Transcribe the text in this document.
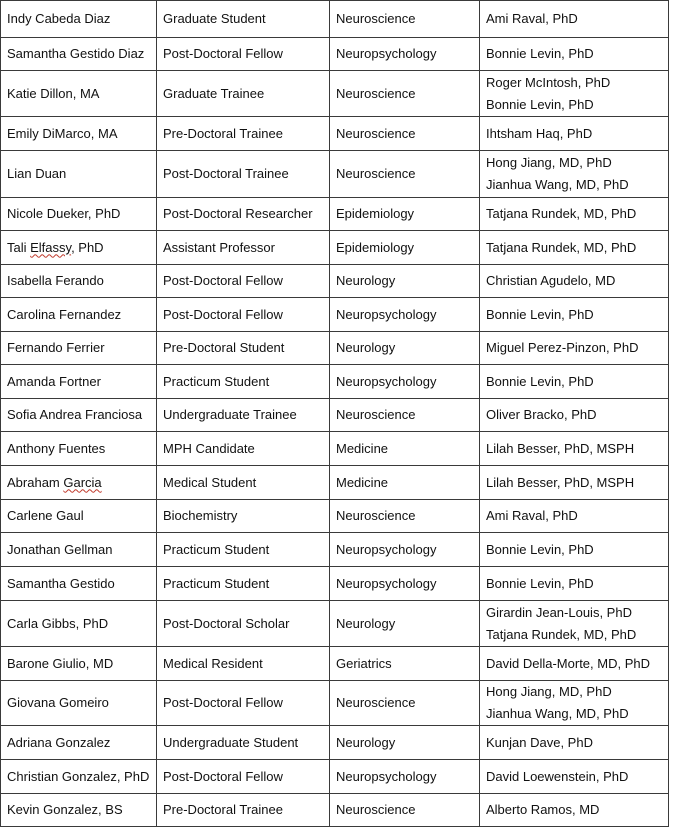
Indy Cabeda Diaz	Graduate Student	Neuroscience	Ami Raval, PhD

Samantha Gestido Diaz	Post-Doctoral Fellow	Neuropsychology	Bonnie Levin, PhD

Katie Dillon, MA	Graduate Trainee	Neuroscience	Roger McIntosh, PhD
Bonnie Levin, PhD

Emily DiMarco, MA	Pre-Doctoral Trainee	Neuroscience	Ihtsham Haq, PhD

Lian Duan	Post-Doctoral Trainee	Neuroscience	Hong Jiang, MD, PhD
Jianhua Wang, MD, PhD

Nicole Dueker, PhD	Post-Doctoral Researcher	Epidemiology	Tatjana Rundek, MD, PhD

Tali Elfassy, PhD	Assistant Professor	Epidemiology	Tatjana Rundek, MD, PhD

Isabella Ferando	Post-Doctoral Fellow	Neurology	Christian Agudelo, MD

Carolina Fernandez	Post-Doctoral Fellow	Neuropsychology	Bonnie Levin, PhD

Fernando Ferrier	Pre-Doctoral Student	Neurology	Miguel Perez-Pinzon, PhD

Amanda Fortner	Practicum Student	Neuropsychology	Bonnie Levin, PhD

Sofia Andrea Franciosa	Undergraduate Trainee	Neuroscience	Oliver Bracko, PhD

Anthony Fuentes	MPH Candidate	Medicine	Lilah Besser, PhD, MSPH

Abraham Garcia	Medical Student	Medicine	Lilah Besser, PhD, MSPH

Carlene Gaul	Biochemistry	Neuroscience	Ami Raval, PhD

Jonathan Gellman	Practicum Student	Neuropsychology	Bonnie Levin, PhD

Samantha Gestido	Practicum Student	Neuropsychology	Bonnie Levin, PhD

Carla Gibbs, PhD	Post-Doctoral Scholar	Neurology	Girardin Jean-Louis, PhD
Tatjana Rundek, MD, PhD

Barone Giulio, MD	Medical Resident	Geriatrics	David Della-Morte, MD, PhD

Giovana Gomeiro	Post-Doctoral Fellow	Neuroscience	Hong Jiang, MD, PhD
Jianhua Wang, MD, PhD

Adriana Gonzalez	Undergraduate Student	Neurology	Kunjan Dave, PhD

Christian Gonzalez, PhD	Post-Doctoral Fellow	Neuropsychology	David Loewenstein, PhD

Kevin Gonzalez, BS	Pre-Doctoral Trainee	Neuroscience	Alberto Ramos, MD
